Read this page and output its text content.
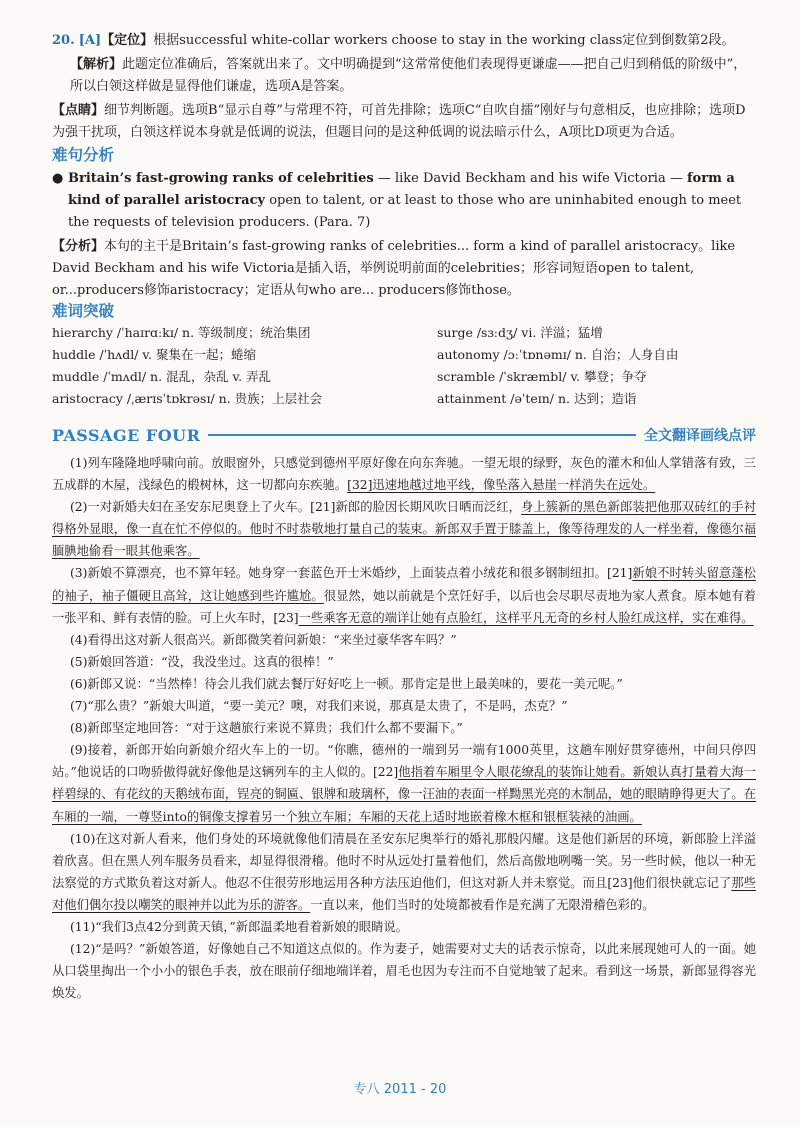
20. [A]【定位】根据successful white-collar workers choose to stay in the working class定位到倒数第2段。

【解析】此题定位准确后，答案就出来了。文中明确提到“这常常使他们表现得更谦虚——把自己归到稍低的阶级中”，所以白领这样做是显得他们谦虚，选项A是答案。

【点睛】细节判断题。选项B“显示自尊”与常理不符，可首先排除；选项C“自吹自擂”刚好与句意相反，也应排除；选项D为强干扰项，白领这样说本身就是低调的说法，但题目问的是这种低调的说法暗示什么，A项比D项更为合适。

难句分析
● Britain’s fast-growing ranks of celebrities — like David Beckham and his wife Victoria — form a kind of parallel aristocracy open to talent, or at least to those who are uninhabited enough to meet the requests of television producers. (Para. 7)

【分析】本句的主干是Britain’s fast-growing ranks of celebrities... form a kind of parallel aristocracy。like David Beckham and his wife Victoria是插入语，举例说明前面的celebrities；形容词短语open to talent, or...producers修饰aristocracy；定语从句who are... producers修饰those。

难词突破
hierarchy /ˈhaɪrɑːkɪ/ n. 等级制度；统治集团	surge /sɜːdʒ/ vi. 洋溢；猛增
huddle /ˈhʌdl/ v. 聚集在一起；蜷缩	autonomy /ɔːˈtɒnəmɪ/ n. 自治；人身自由
muddle /ˈmʌdl/ n. 混乱，杂乱 v. 弄乱	scramble /ˈskræmbl/ v. 攀登；争夺
aristocracy /ˌærɪsˈtɒkrəsɪ/ n. 贵族；上层社会	attainment /əˈteɪn/ n. 达到；造诣
PASSAGE FOUR	全文翻译画线点评

(1)列车隆隆地呼啸向前。放眼窗外，只感觉到德州平原好像在向东奔驰。一望无垠的绿野，灰色的灌木和仙人掌错落有致，三五成群的木屋，浅绿色的椴树林，这一切都向东疾驰。[32]迅速地越过地平线，像坠落入悬崖一样消失在远处。

(2)一对新婚夫妇在圣安东尼奥登上了火车。[21]新郎的脸因长期风吹日晒而泛红，身上簇新的黑色新郎装把他那双砖红的手衬得格外显眼，像一直在忙不停似的。他时不时恭敬地打量自己的装束。新郎双手置于膝盖上，像等待理发的人一样坐着，像德尔福腼腆地偷看一眼其他乘客。

(3)新娘不算漂亮，也不算年轻。她身穿一套蓝色开士米婚纱，上面装点着小绒花和很多钢制纽扣。[21]新娘不时转头留意蓬松的袖子，袖子僵硬且高耸，这让她感到些许尴尬。很显然，她以前就是个烹饪好手，以后也会尽职尽责地为家人煮食。原本她有着一张平和、鲜有表情的脸。可上火车时，[23]一些乘客无意的端详让她有点脸红，这样平凡无奇的乡村人脸红成这样，实在难得。

(4)看得出这对新人很高兴。新郎微笑着问新娘：“来坐过豪华客车吗？”

(5)新娘回答道：“没，我没坐过。这真的很棒！”

(6)新郎又说：“当然棒！待会儿我们就去餐厅好好吃上一顿。那肯定是世上最美味的，要花一美元呢。”

(7)“那么贵？”新娘大叫道，“要一美元？噢，对我们来说，那真是太贵了，不是吗，杰克？”

(8)新郎坚定地回答：“对于这趟旅行来说不算贵；我们什么都不要漏下。”

(9)接着，新郎开始向新娘介绍火车上的一切。“你瞧，德州的一端到另一端有1000英里，这趟车刚好贯穿德州，中间只停四站。”他说话的口吻骄傲得就好像他是这辆列车的主人似的。[22]他指着车厢里令人眼花缭乱的装饰让她看。新娘认真打量着大海一样碧绿的、有花纹的天鹅绒布面，锃亮的铜匾、银牌和玻璃杯，像一汪油的表面一样黝黑光亮的木制品，她的眼睛睁得更大了。在车厢的一端，一尊竖into的铜像支撑着另一个独立车厢；车厢的天花上适时地嵌着橡木框和银框装裱的油画。

(10)在这对新人看来，他们身处的环境就像他们清晨在圣安东尼奥举行的婚礼那般闪耀。这是他们新居的环境，新郎脸上洋溢着欣喜。但在黑人列车服务员看来，却显得很滑稽。他时不时从远处打量着他们，然后高傲地咧嘴一笑。另一些时候，他以一种无法察觉的方式欺负着这对新人。他忍不住很劳形地运用各种方法压迫他们，但这对新人并未察觉。而且[23]他们很快就忘记了那些对他们偶尔投以嘲笑的眼神并以此为乐的游客。一直以来，他们当时的处境都被看作是充满了无限滑稽色彩的。

(11)“我们3点42分到黄天镇，”新郎温柔地看着新娘的眼睛说。

(12)“是吗？”新娘答道，好像她自己不知道这点似的。作为妻子，她需要对丈夫的话表示惊奇，以此来展现她可人的一面。她从口袋里掏出一个小小的银色手表，放在眼前仔细地端详着，眉毛也因为专注而不自觉地皱了起来。看到这一场景，新郎显得容光焕发。

专八 2011 - 20
